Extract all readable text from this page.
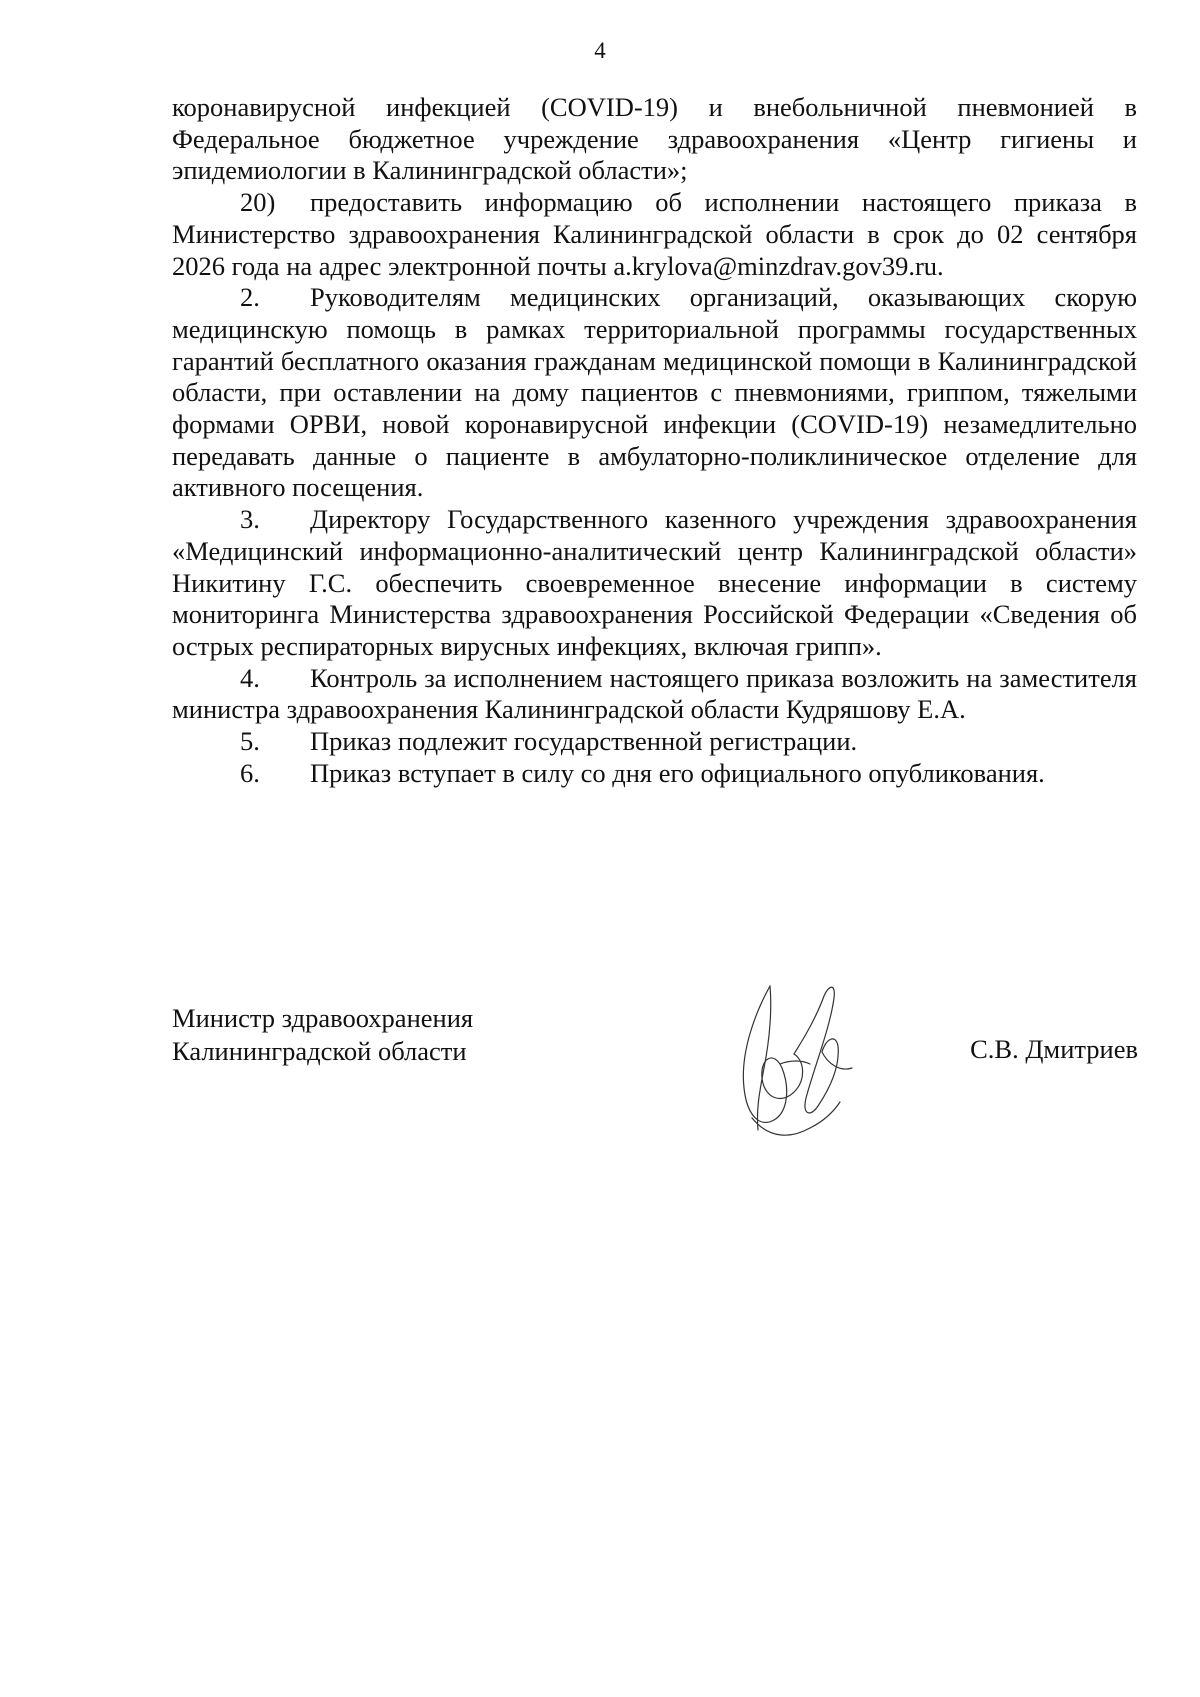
4

коронавирусной инфекцией (COVID-19) и внебольничной пневмонией в Федеральное бюджетное учреждение здравоохранения «Центр гигиены и эпидемиологии в Калининградской области»;

20) предоставить информацию об исполнении настоящего приказа в Министерство здравоохранения Калининградской области в срок до 02 сентября 2026 года на адрес электронной почты a.krylova@minzdrav.gov39.ru.

2. Руководителям медицинских организаций, оказывающих скорую медицинскую помощь в рамках территориальной программы государственных гарантий бесплатного оказания гражданам медицинской помощи в Калининградской области, при оставлении на дому пациентов с пневмониями, гриппом, тяжелыми формами ОРВИ, новой коронавирусной инфекции (COVID-19) незамедлительно передавать данные о пациенте в амбулаторно-поликлиническое отделение для активного посещения.

3. Директору Государственного казенного учреждения здравоохранения «Медицинский информационно-аналитический центр Калининградской области» Никитину Г.С. обеспечить своевременное внесение информации в систему мониторинга Министерства здравоохранения Российской Федерации «Сведения об острых респираторных вирусных инфекциях, включая грипп».

4. Контроль за исполнением настоящего приказа возложить на заместителя министра здравоохранения Калининградской области Кудряшову Е.А.

5. Приказ подлежит государственной регистрации.

6. Приказ вступает в силу со дня его официального опубликования.

Министр здравоохранения
Калининградской области	С.В. Дмитриев
